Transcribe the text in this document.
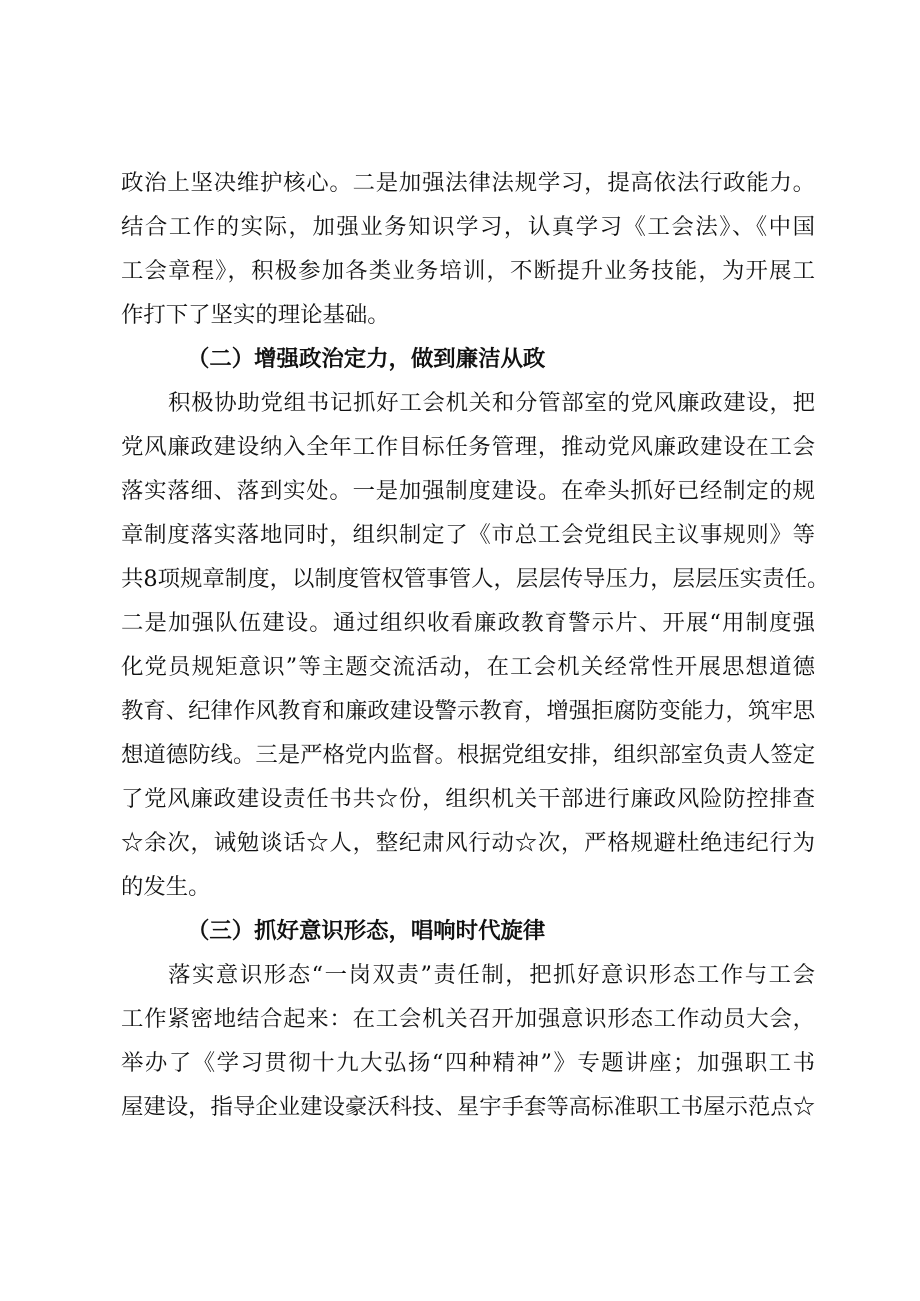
政治上坚决维护核心。二是加强法律法规学习，提高依法行政能力。
结合工作的实际，加强业务知识学习，认真学习《工会法》、《中国
工会章程》，积极参加各类业务培训，不断提升业务技能，为开展工
作打下了坚实的理论基础。
（二）增强政治定力，做到廉洁从政
积极协助党组书记抓好工会机关和分管部室的党风廉政建设，把
党风廉政建设纳入全年工作目标任务管理，推动党风廉政建设在工会
落实落细、落到实处。一是加强制度建设。在牵头抓好已经制定的规
章制度落实落地同时，组织制定了《市总工会党组民主议事规则》等
共8项规章制度，以制度管权管事管人，层层传导压力，层层压实责任。
二是加强队伍建设。通过组织收看廉政教育警示片、开展“用制度强
化党员规矩意识”等主题交流活动，在工会机关经常性开展思想道德
教育、纪律作风教育和廉政建设警示教育，增强拒腐防变能力，筑牢思
想道德防线。三是严格党内监督。根据党组安排，组织部室负责人签定
了党风廉政建设责任书共☆份，组织机关干部进行廉政风险防控排查
☆余次，诫勉谈话☆人，整纪肃风行动☆次，严格规避杜绝违纪行为
的发生。
（三）抓好意识形态，唱响时代旋律
落实意识形态“一岗双责”责任制，把抓好意识形态工作与工会
工作紧密地结合起来：在工会机关召开加强意识形态工作动员大会，
举办了《学习贯彻十九大弘扬“四种精神”》专题讲座；加强职工书
屋建设，指导企业建设豪沃科技、星宇手套等高标准职工书屋示范点☆
